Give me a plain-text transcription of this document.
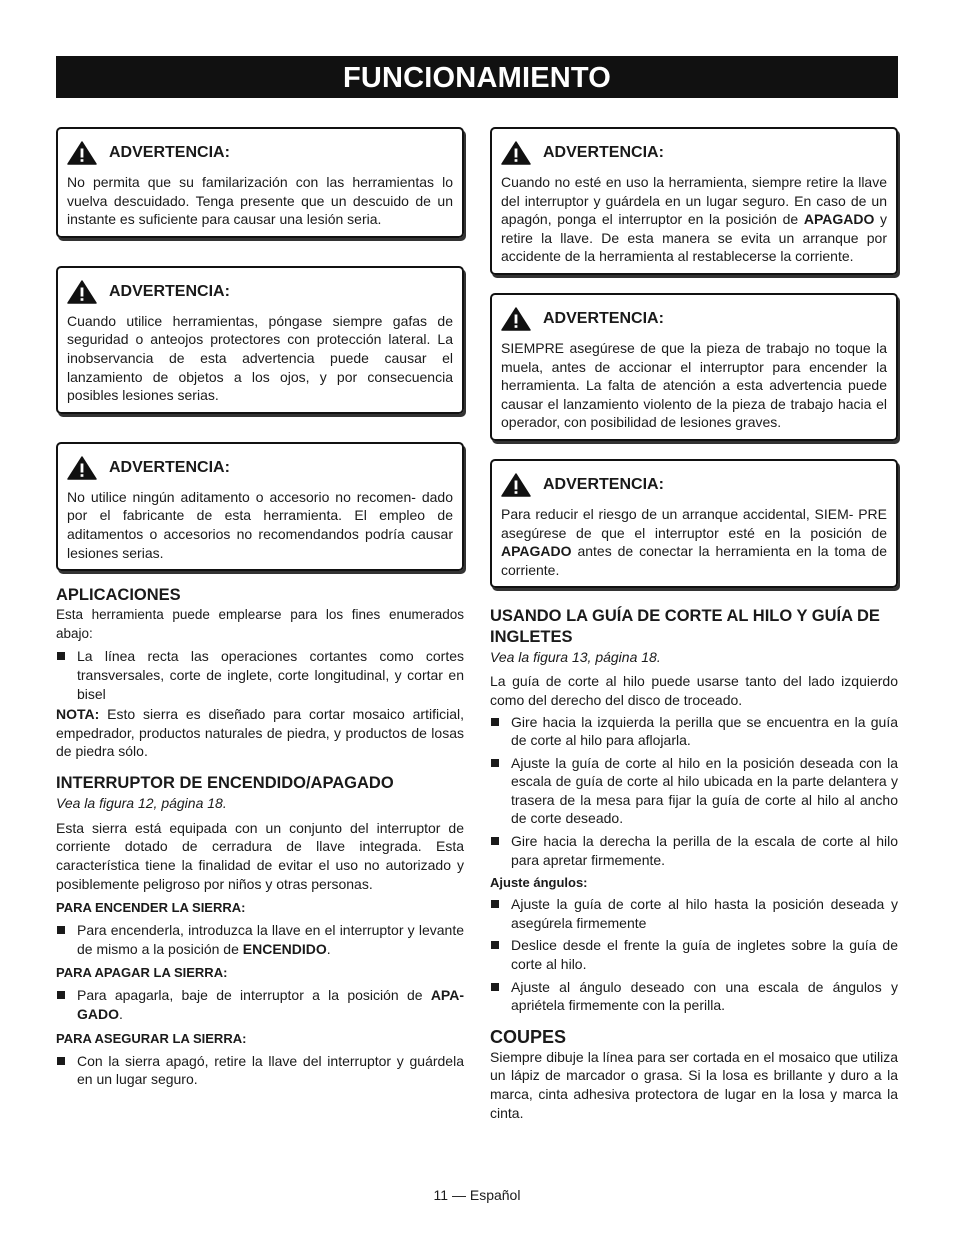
FUNCIONAMIENTO
ADVERTENCIA:
No permita que su familarización con las herramientas lo vuelva descuidado. Tenga presente que un descuido de un instante es suficiente para causar una lesión seria.
ADVERTENCIA:
Cuando utilice herramientas, póngase siempre gafas de seguridad o anteojos protectores con protección lateral. La inobservancia de esta advertencia puede causar el lanzamiento de objetos a los ojos, y por consecuencia posibles lesiones serias.
ADVERTENCIA:
No utilice ningún aditamento o accesorio no recomen- dado por el fabricante de esta herramienta. El empleo de aditamentos o accesorios no recomendandos podría causar lesiones serias.
APLICACIONES

Esta herramienta puede emplearse para los fines enumerados abajo:

La línea recta las operaciones cortantes como cortes transversales, corte de inglete, corte longitudinal, y cortar en bisel

NOTA: Esto sierra es diseñado para cortar mosaico artificial, empedrador, productos naturales de piedra, y productos de losas de piedra sólo.

INTERRUPTOR DE ENCENDIDO/APAGADO

Vea la figura 12, página 18.

Esta sierra está equipada con un conjunto del interruptor de corriente dotado de cerradura de llave integrada. Esta característica tiene la finalidad de evitar el uso no autorizado y posiblemente peligroso por niños y otras personas.

PARA ENCENDER LA SIERRA:

Para encenderla, introduzca la llave en el interruptor y levante de mismo a la posición de ENCENDIDO.

PARA APAGAR LA SIERRA:

Para apagarla, baje de interruptor a la posición de APA- GADO.

PARA ASEGURAR LA SIERRA:

Con la sierra apagó, retire la llave del interruptor y guárdela en un lugar seguro.
ADVERTENCIA:
Cuando no esté en uso la herramienta, siempre retire la llave del interruptor y guárdela en un lugar seguro. En caso de un apagón, ponga el interruptor en la posición de APAGADO y retire la llave. De esta manera se evita un arranque por accidente de la herramienta al restablecerse la corriente.
ADVERTENCIA:
SIEMPRE asegúrese de que la pieza de trabajo no toque la muela, antes de accionar el interruptor para encender la herramienta. La falta de atención a esta advertencia puede causar el lanzamiento violento de la pieza de trabajo hacia el operador, con posibilidad de lesiones graves.
ADVERTENCIA:
Para reducir el riesgo de un arranque accidental, SIEM- PRE asegúrese de que el interruptor esté en la posición de APAGADO antes de conectar la herramienta en la toma de corriente.
USANDO LA GUÍA DE CORTE AL HILO Y GUÍA DE INGLETES

Vea la figura 13, página 18.

La guía de corte al hilo puede usarse tanto del lado izquierdo como del derecho del disco de troceado.

Gire hacia la izquierda la perilla que se encuentra en la guía de corte al hilo para aflojarla.
Ajuste la guía de corte al hilo en la posición deseada con la escala de guía de corte al hilo ubicada en la parte delantera y trasera de la mesa para fijar la guía de corte al hilo al ancho de corte deseado.
Gire hacia la derecha la perilla de la escala de corte al hilo para apretar firmemente.

Ajuste ángulos:

Ajuste la guía de corte al hilo hasta la posición deseada y asegúrela firmemente
Deslice desde el frente la guía de ingletes sobre la guía de corte al hilo.
Ajuste al ángulo deseado con una escala de ángulos y apriétela firmemente con la perilla.
COUPES

Siempre dibuje la línea para ser cortada en el mosaico que utiliza un lápiz de marcador o grasa. Si la losa es brillante y duro a la marca, cinta adhesiva protectora de lugar en la losa y marca la cinta.

11 — Español
